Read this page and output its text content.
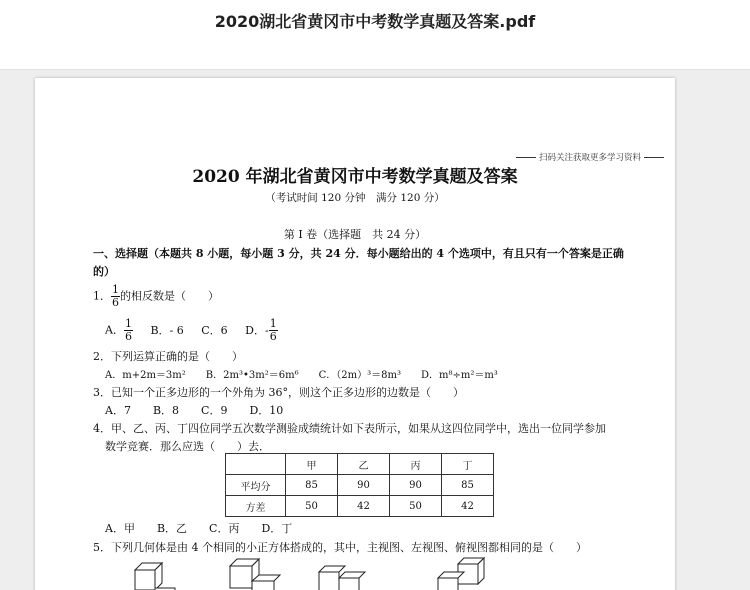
2020湖北省黄冈市中考数学真题及答案.pdf
扫码关注获取更多学习资料
2020 年湖北省黄冈市中考数学真题及答案
（考试时间 120 分钟　满分 120 分）
第 I 卷（选择题　共 24 分）
一、选择题（本题共 8 小题，每小题 3 分，共 24 分．每小题给出的 4 个选项中，有且只有一个答案是正确
的）
1． $\frac{1}{6}$ 的相反数是（　　）
A． $\frac{1}{6}$ B．- 6 C．6 D．- $\frac{1}{6}$
2．下列运算正确的是（　　）
A．m+2m＝3m²　　B．2m³•3m²＝6m⁶　　C．（2m）³＝8m³　　D．m⁸÷m²＝m³
3．已知一个正多边形的一个外角为 36°，则这个正多边形的边数是（　　）
A．7　　B．8　　C．9　　D．10
4．甲、乙、丙、丁四位同学五次数学测验成绩统计如下表所示，如果从这四位同学中，选出一位同学参加
数学竞赛．那么应选（　　）去．
	甲	乙	丙	丁
平均分	85	90	90	85
方差	50	42	50	42
A．甲　　B．乙　　C．丙　　D．丁
5．下列几何体是由 4 个相同的小正方体搭成的，其中，主视图、左视图、俯视图都相同的是（　　）
